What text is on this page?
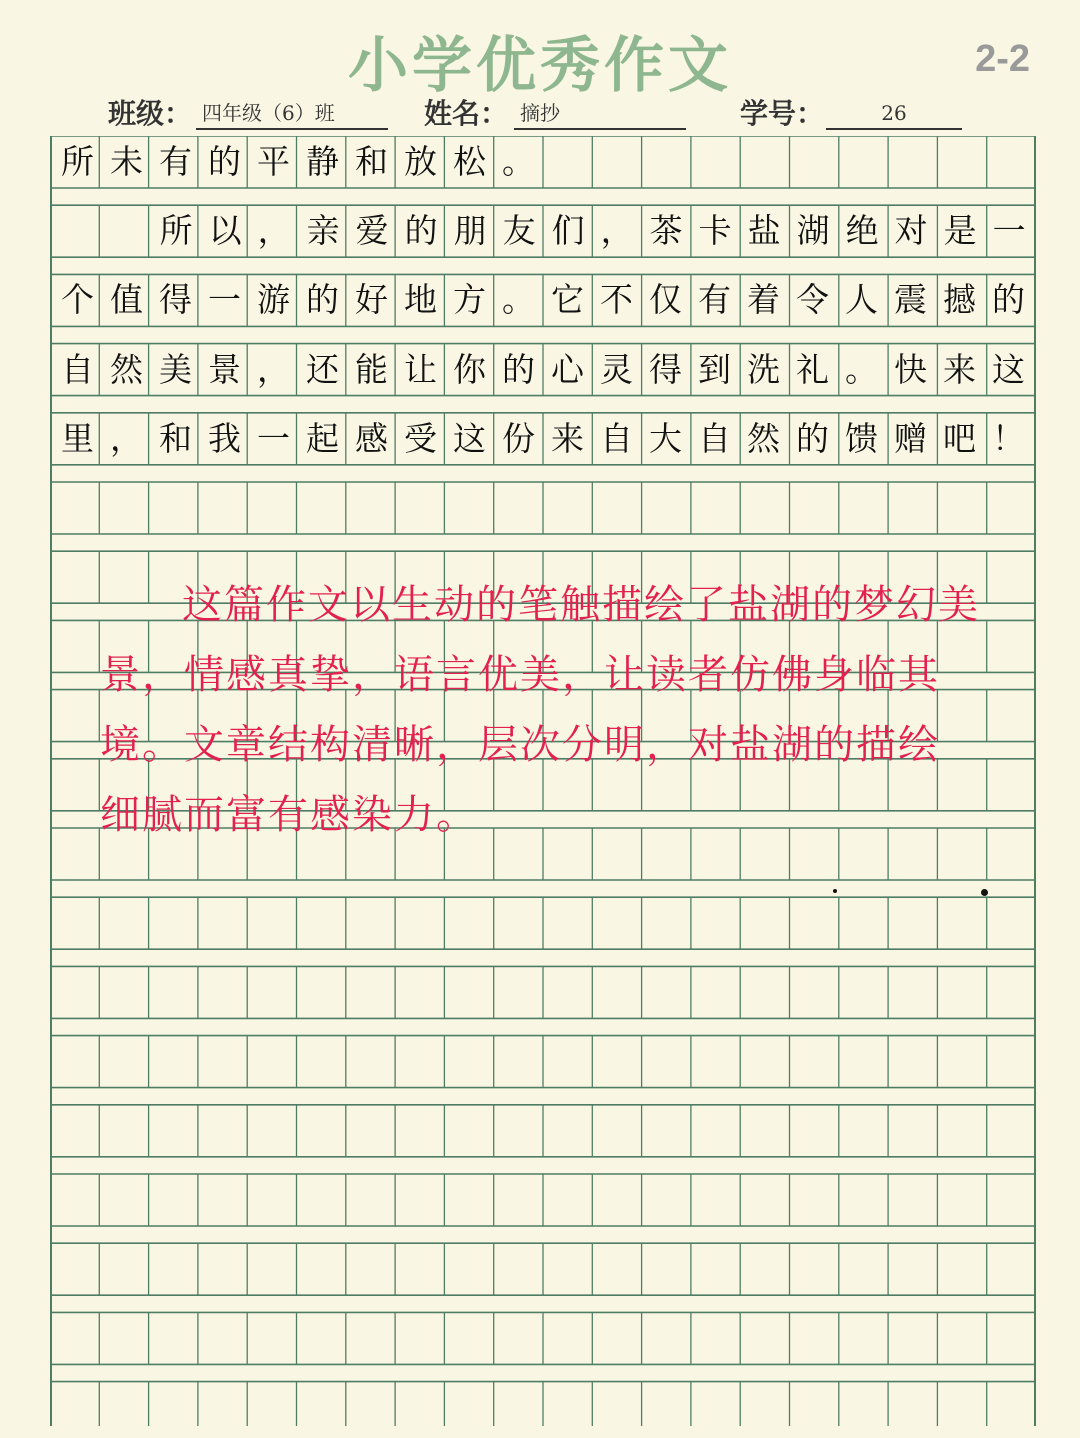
小学优秀作文	2-2
班级： 四年级（6）班	姓名： 摘抄	学号：	26
所 未 有 的 平 静 和 放 松 。
所 以 ， 亲 爱 的 朋 友 们 ， 茶 卡 盐 湖 绝 对 是 一
个 值 得 一 游 的 好 地 方 。 它 不 仅 有 着 令 人 震 撼 的
自 然 美 景 ， 还 能 让 你 的 心 灵 得 到 洗 礼 。 快 来 这
里 ， 和 我 一 起 感 受 这 份 来 自 大 自 然 的 馈 赠 吧 ！
这篇作文以生动的笔触描绘了盐湖的梦幻美景，情感真挚，语言优美，让读者仿佛身临其境。文章结构清晰，层次分明，对盐湖的描绘细腻而富有感染力。
